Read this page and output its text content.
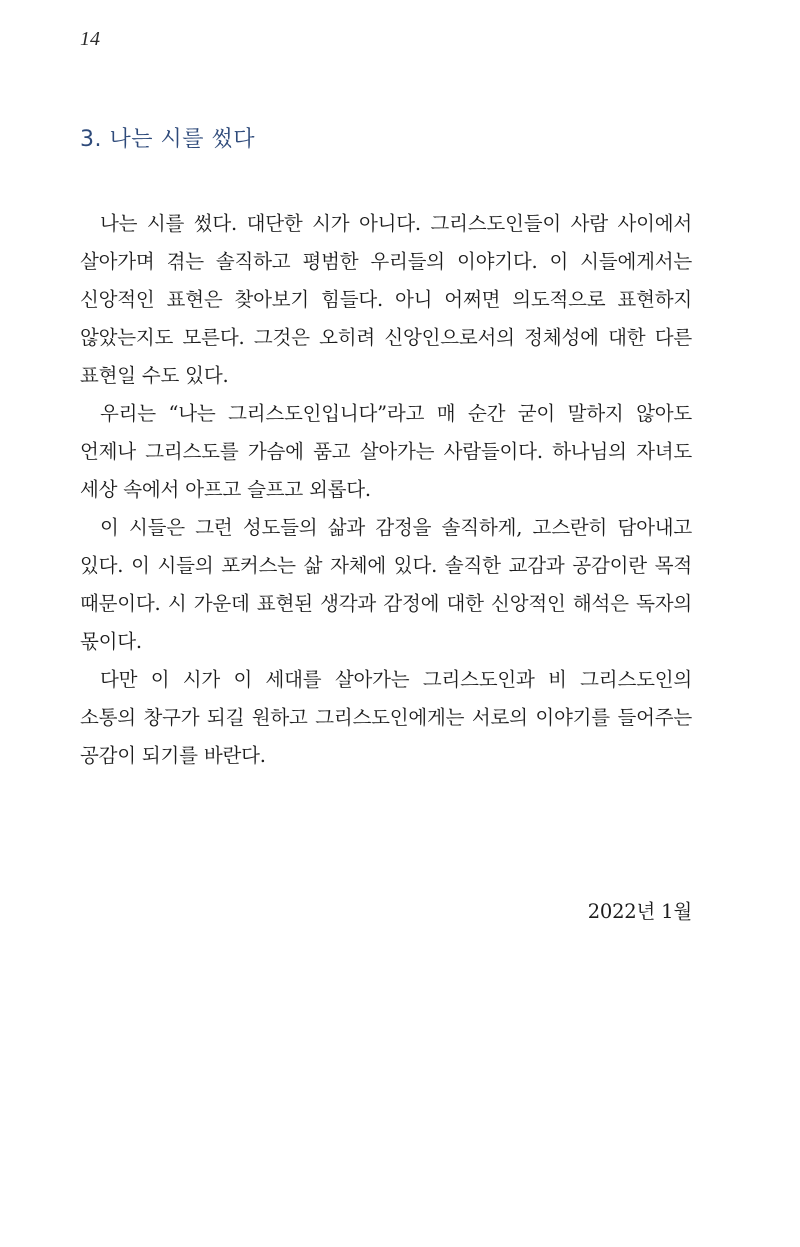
14
3. 나는 시를 썼다

나는 시를 썼다. 대단한 시가 아니다. 그리스도인들이 사람 사이에서 살아가며 겪는 솔직하고 평범한 우리들의 이야기다. 이 시들에게서는 신앙적인 표현은 찾아보기 힘들다. 아니 어쩌면 의도적으로 표현하지 않았는지도 모른다. 그것은 오히려 신앙인으로서의 정체성에 대한 다른 표현일 수도 있다.

우리는 “나는 그리스도인입니다”라고 매 순간 굳이 말하지 않아도 언제나 그리스도를 가슴에 품고 살아가는 사람들이다. 하나님의 자녀도 세상 속에서 아프고 슬프고 외롭다.

이 시들은 그런 성도들의 삶과 감정을 솔직하게, 고스란히 담아내고 있다. 이 시들의 포커스는 삶 자체에 있다. 솔직한 교감과 공감이란 목적 때문이다. 시 가운데 표현된 생각과 감정에 대한 신앙적인 해석은 독자의 몫이다.

다만 이 시가 이 세대를 살아가는 그리스도인과 비 그리스도인의 소통의 창구가 되길 원하고 그리스도인에게는 서로의 이야기를 들어주는 공감이 되기를 바란다.

2022년 1월
